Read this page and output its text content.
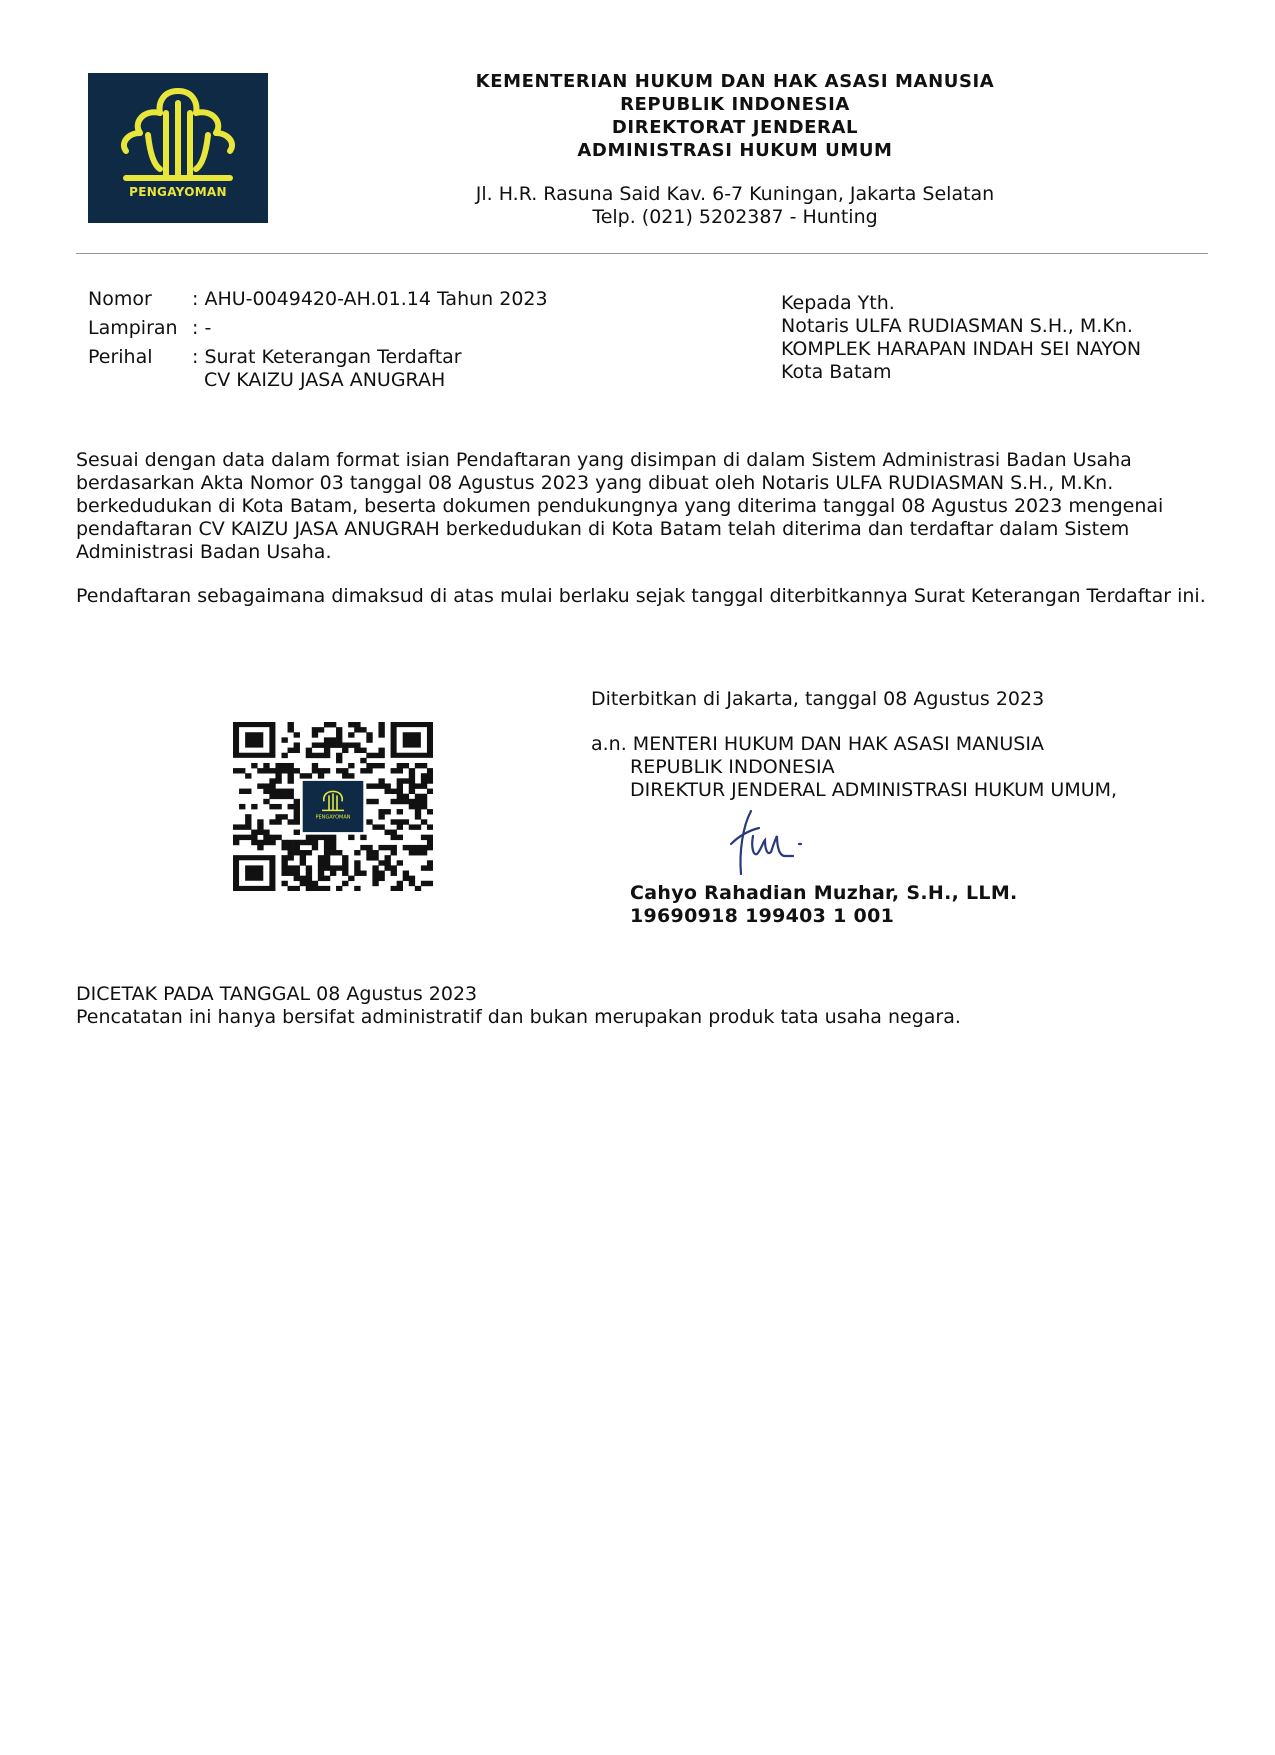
PENGAYOMAN
KEMENTERIAN HUKUM DAN HAK ASASI MANUSIA
REPUBLIK INDONESIA
DIREKTORAT JENDERAL
ADMINISTRASI HUKUM UMUM
Jl. H.R. Rasuna Said Kav. 6-7 Kuningan, Jakarta Selatan
Telp. (021) 5202387 - Hunting
Nomor	: AHU-0049420-AH.01.14 Tahun 2023
Lampiran : -
Perihal	: Surat Keterangan Terdaftar
CV KAIZU JASA ANUGRAH
Kepada Yth.
Notaris ULFA RUDIASMAN S.H., M.Kn.
KOMPLEK HARAPAN INDAH SEI NAYON
Kota Batam
Sesuai dengan data dalam format isian Pendaftaran yang disimpan di dalam Sistem Administrasi Badan Usaha berdasarkan Akta Nomor 03 tanggal 08 Agustus 2023 yang dibuat oleh Notaris ULFA RUDIASMAN S.H., M.Kn. berkedudukan di Kota Batam, beserta dokumen pendukungnya yang diterima tanggal 08 Agustus 2023 mengenai pendaftaran CV KAIZU JASA ANUGRAH berkedudukan di Kota Batam telah diterima dan terdaftar dalam Sistem Administrasi Badan Usaha.
Pendaftaran sebagaimana dimaksud di atas mulai berlaku sejak tanggal diterbitkannya Surat Keterangan Terdaftar ini.
PENGAYOMAN
Diterbitkan di Jakarta, tanggal 08 Agustus 2023
a.n. MENTERI HUKUM DAN HAK ASASI MANUSIA
REPUBLIK INDONESIA
DIREKTUR JENDERAL ADMINISTRASI HUKUM UMUM,
Cahyo Rahadian Muzhar, S.H., LLM.
19690918 199403 1 001
DICETAK PADA TANGGAL 08 Agustus 2023
Pencatatan ini hanya bersifat administratif dan bukan merupakan produk tata usaha negara.
